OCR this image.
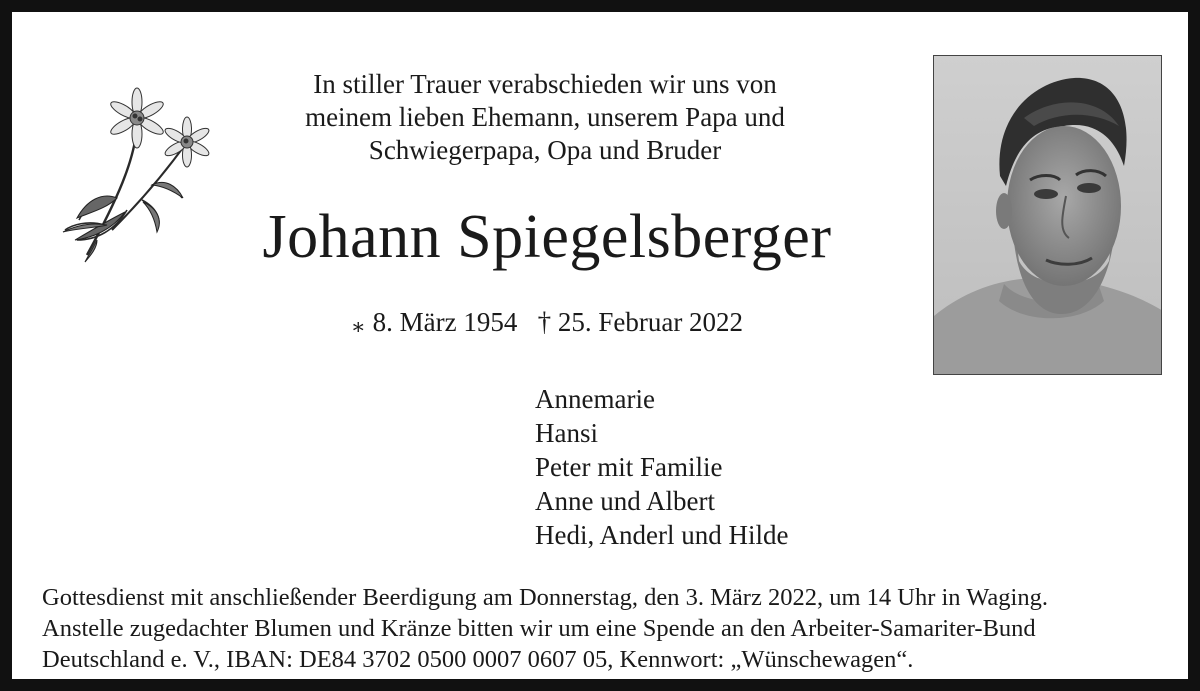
In stiller Trauer verabschieden wir uns von
meinem lieben Ehemann, unserem Papa und
Schwiegerpapa, Opa und Bruder
Johann Spiegelsberger
∗ 8. März 1954 † 25. Februar 2022
Annemarie
Hansi
Peter mit Familie
Anne und Albert
Hedi, Anderl und Hilde
Gottesdienst mit anschließender Beerdigung am Donnerstag, den 3. März 2022, um 14 Uhr in Waging.
Anstelle zugedachter Blumen und Kränze bitten wir um eine Spende an den Arbeiter-Samariter-Bund
Deutschland e. V., IBAN: DE84 3702 0500 0007 0607 05, Kennwort: „Wünschewagen“.
